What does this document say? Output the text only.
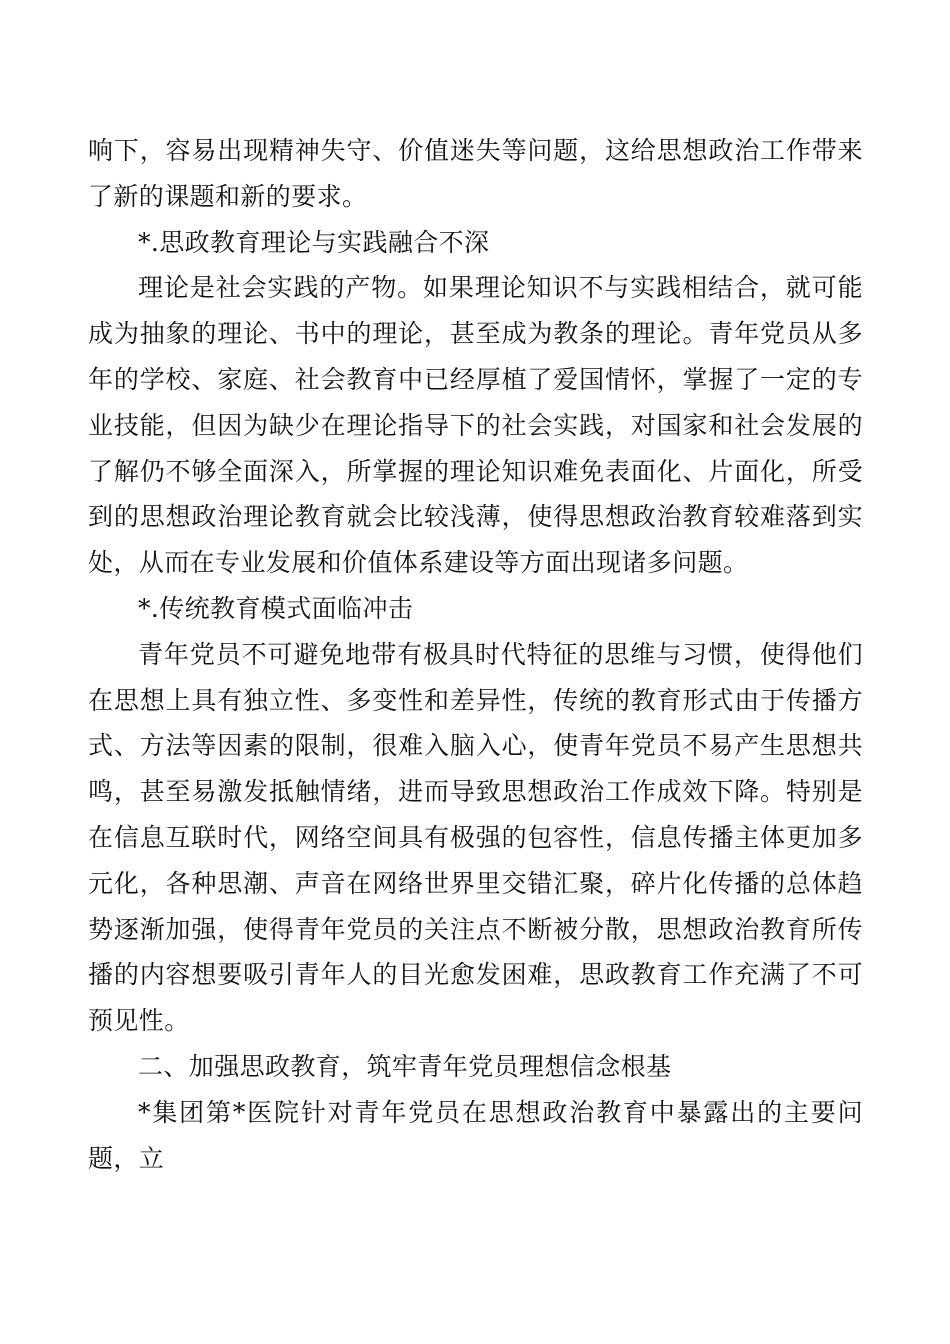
响下，容易出现精神失守、价值迷失等问题，这给思想政治工作带来了新的课题和新的要求。

*.思政教育理论与实践融合不深

理论是社会实践的产物。如果理论知识不与实践相结合，就可能成为抽象的理论、书中的理论，甚至成为教条的理论。青年党员从多年的学校、家庭、社会教育中已经厚植了爱国情怀，掌握了一定的专业技能，但因为缺少在理论指导下的社会实践，对国家和社会发展的了解仍不够全面深入，所掌握的理论知识难免表面化、片面化，所受到的思想政治理论教育就会比较浅薄，使得思想政治教育较难落到实处，从而在专业发展和价值体系建设等方面出现诸多问题。

*.传统教育模式面临冲击

青年党员不可避免地带有极具时代特征的思维与习惯，使得他们在思想上具有独立性、多变性和差异性，传统的教育形式由于传播方式、方法等因素的限制，很难入脑入心，使青年党员不易产生思想共鸣，甚至易激发抵触情绪，进而导致思想政治工作成效下降。特别是在信息互联时代，网络空间具有极强的包容性，信息传播主体更加多元化，各种思潮、声音在网络世界里交错汇聚，碎片化传播的总体趋势逐渐加强，使得青年党员的关注点不断被分散，思想政治教育所传播的内容想要吸引青年人的目光愈发困难，思政教育工作充满了不可预见性。

二、加强思政教育，筑牢青年党员理想信念根基

*集团第*医院针对青年党员在思想政治教育中暴露出的主要问题，立
